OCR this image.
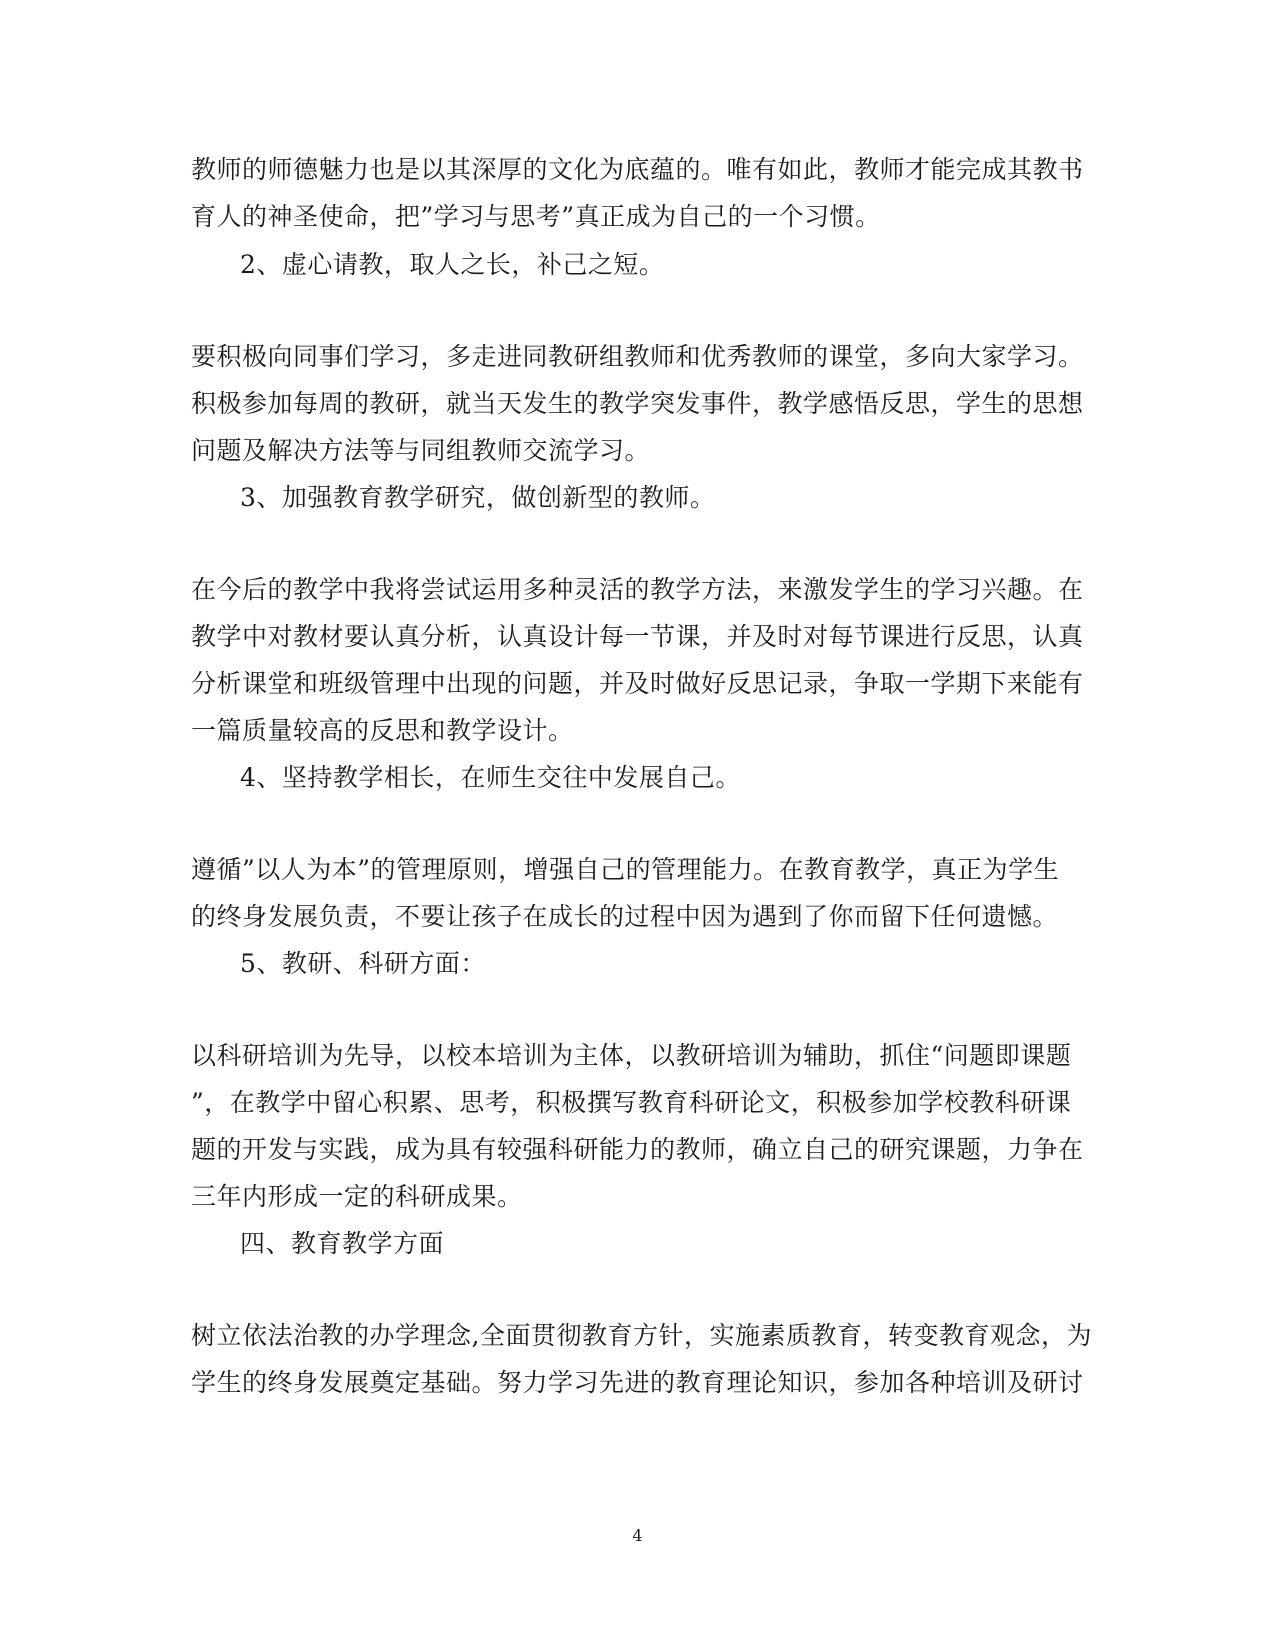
教师的师德魅力也是以其深厚的文化为底蕴的。唯有如此，教师才能完成其教书
育人的神圣使命，把”学习与思考”真正成为自己的一个习惯。
2、虚心请教，取人之长，补己之短。
要积极向同事们学习，多走进同教研组教师和优秀教师的课堂，多向大家学习。
积极参加每周的教研，就当天发生的教学突发事件，教学感悟反思，学生的思想
问题及解决方法等与同组教师交流学习。
3、加强教育教学研究，做创新型的教师。
在今后的教学中我将尝试运用多种灵活的教学方法，来激发学生的学习兴趣。在
教学中对教材要认真分析，认真设计每一节课，并及时对每节课进行反思，认真
分析课堂和班级管理中出现的问题，并及时做好反思记录，争取一学期下来能有
一篇质量较高的反思和教学设计。
4、坚持教学相长，在师生交往中发展自己。
遵循”以人为本”的管理原则，增强自己的管理能力。在教育教学，真正为学生
的终身发展负责，不要让孩子在成长的过程中因为遇到了你而留下任何遗憾。
5、教研、科研方面：
以科研培训为先导，以校本培训为主体，以教研培训为辅助，抓住“问题即课题
”，在教学中留心积累、思考，积极撰写教育科研论文，积极参加学校教科研课
题的开发与实践，成为具有较强科研能力的教师，确立自己的研究课题，力争在
三年内形成一定的科研成果。
四、教育教学方面
树立依法治教的办学理念,全面贯彻教育方针，实施素质教育，转变教育观念，为
学生的终身发展奠定基础。努力学习先进的教育理论知识，参加各种培训及研讨
4
